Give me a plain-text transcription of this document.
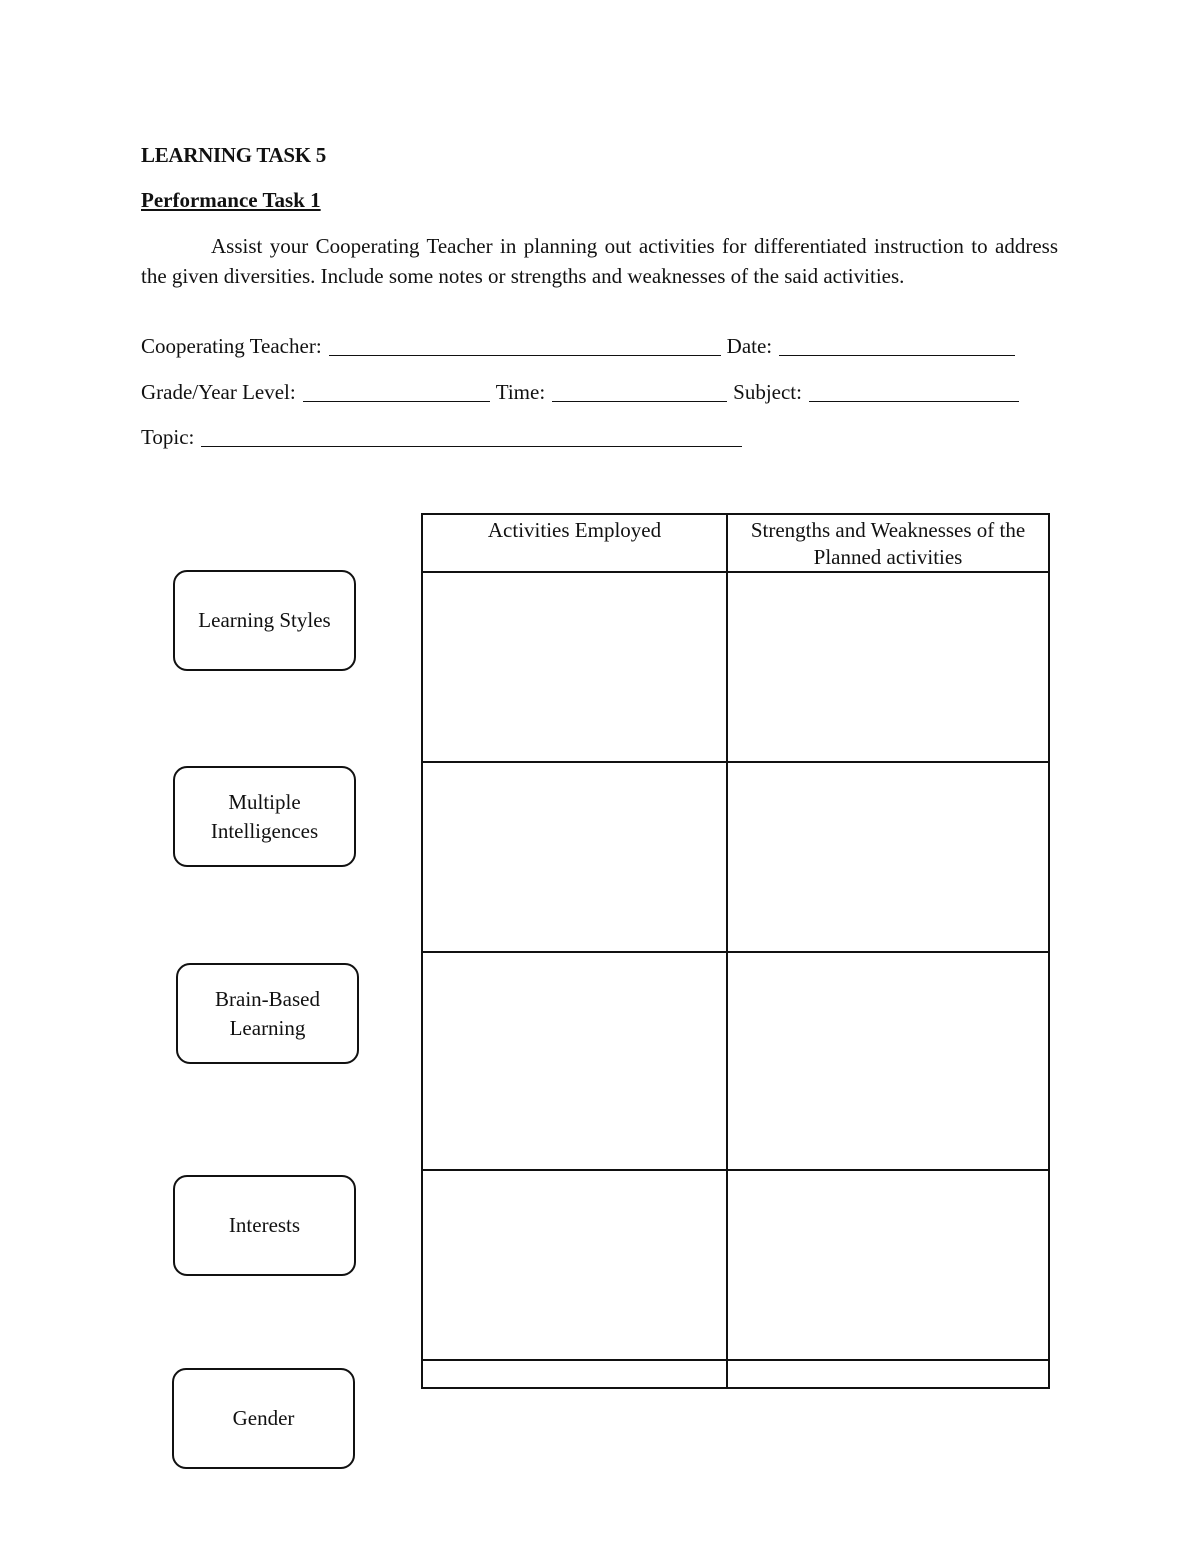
LEARNING TASK 5
Performance Task 1
Assist your Cooperating Teacher in planning out activities for differentiated instruction to address the given diversities. Include some notes or strengths and weaknesses of the said activities.
Cooperating Teacher:	Date:
Grade/Year Level:	Time:	Subject:
Topic:
Learning Styles
Multiple
Intelligences
Brain-Based
Learning
Interests
Gender
Activities Employed	Strengths and Weaknesses of the Planned activities
